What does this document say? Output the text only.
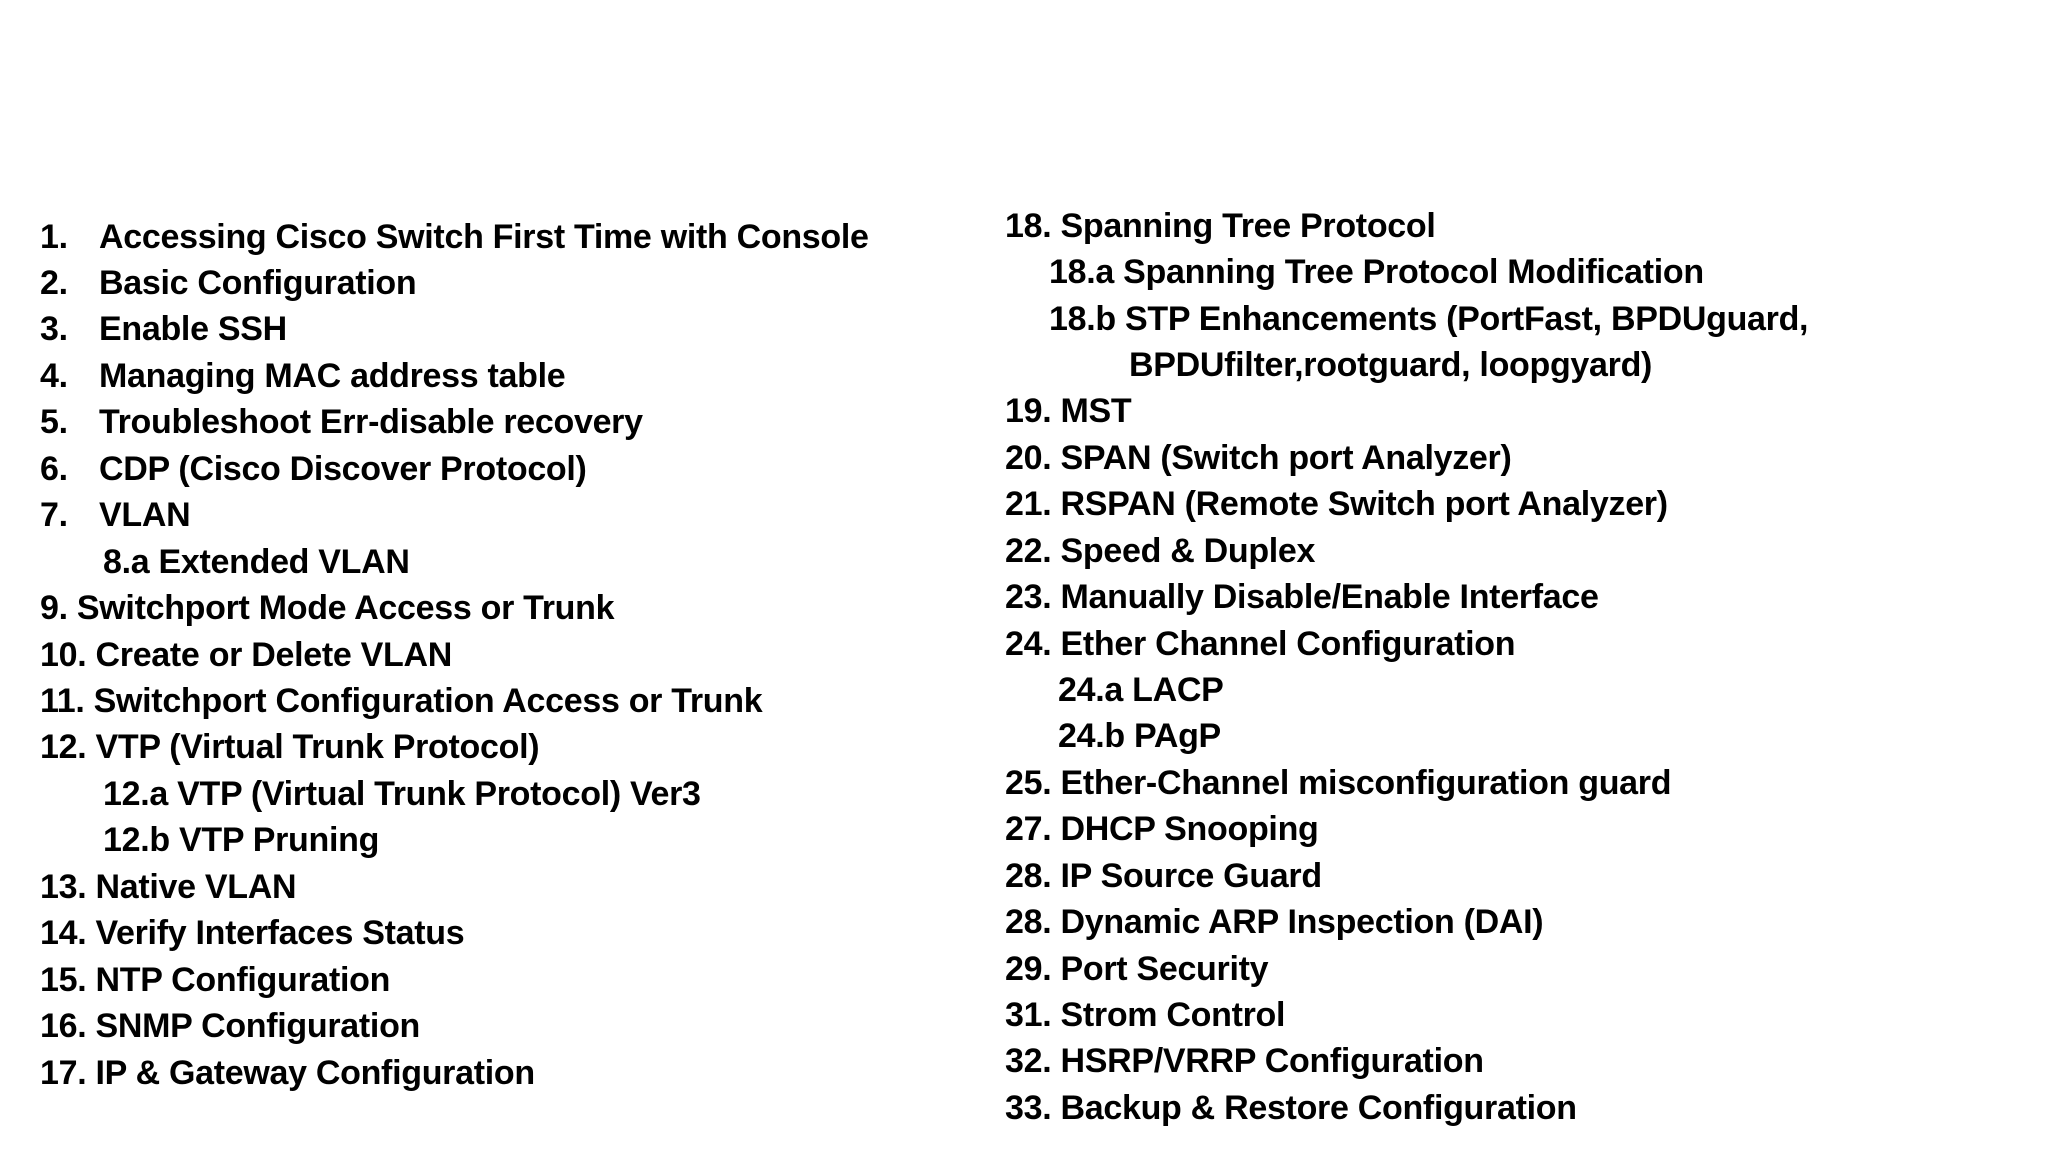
1. Accessing Cisco Switch First Time with Console
2. Basic Configuration
3. Enable SSH
4. Managing MAC address table
5. Troubleshoot Err-disable recovery
6. CDP (Cisco Discover Protocol)
7. VLAN
8.a Extended VLAN
9. Switchport Mode Access or Trunk
10. Create or Delete VLAN
11. Switchport Configuration Access or Trunk
12. VTP (Virtual Trunk Protocol)
12.a VTP (Virtual Trunk Protocol) Ver3
12.b VTP Pruning
13. Native VLAN
14. Verify Interfaces Status
15. NTP Configuration
16. SNMP Configuration
17. IP & Gateway Configuration
18. Spanning Tree Protocol
18.a Spanning Tree Protocol Modification
18.b STP Enhancements (PortFast, BPDUguard,
BPDUfilter,rootguard, loopgyard)
19. MST
20. SPAN (Switch port Analyzer)
21. RSPAN (Remote Switch port Analyzer)
22. Speed & Duplex
23. Manually Disable/Enable Interface
24. Ether Channel Configuration
24.a LACP
24.b PAgP
25. Ether-Channel misconfiguration guard
27. DHCP Snooping
28. IP Source Guard
28. Dynamic ARP Inspection (DAI)
29. Port Security
31. Strom Control
32. HSRP/VRRP Configuration
33. Backup & Restore Configuration
